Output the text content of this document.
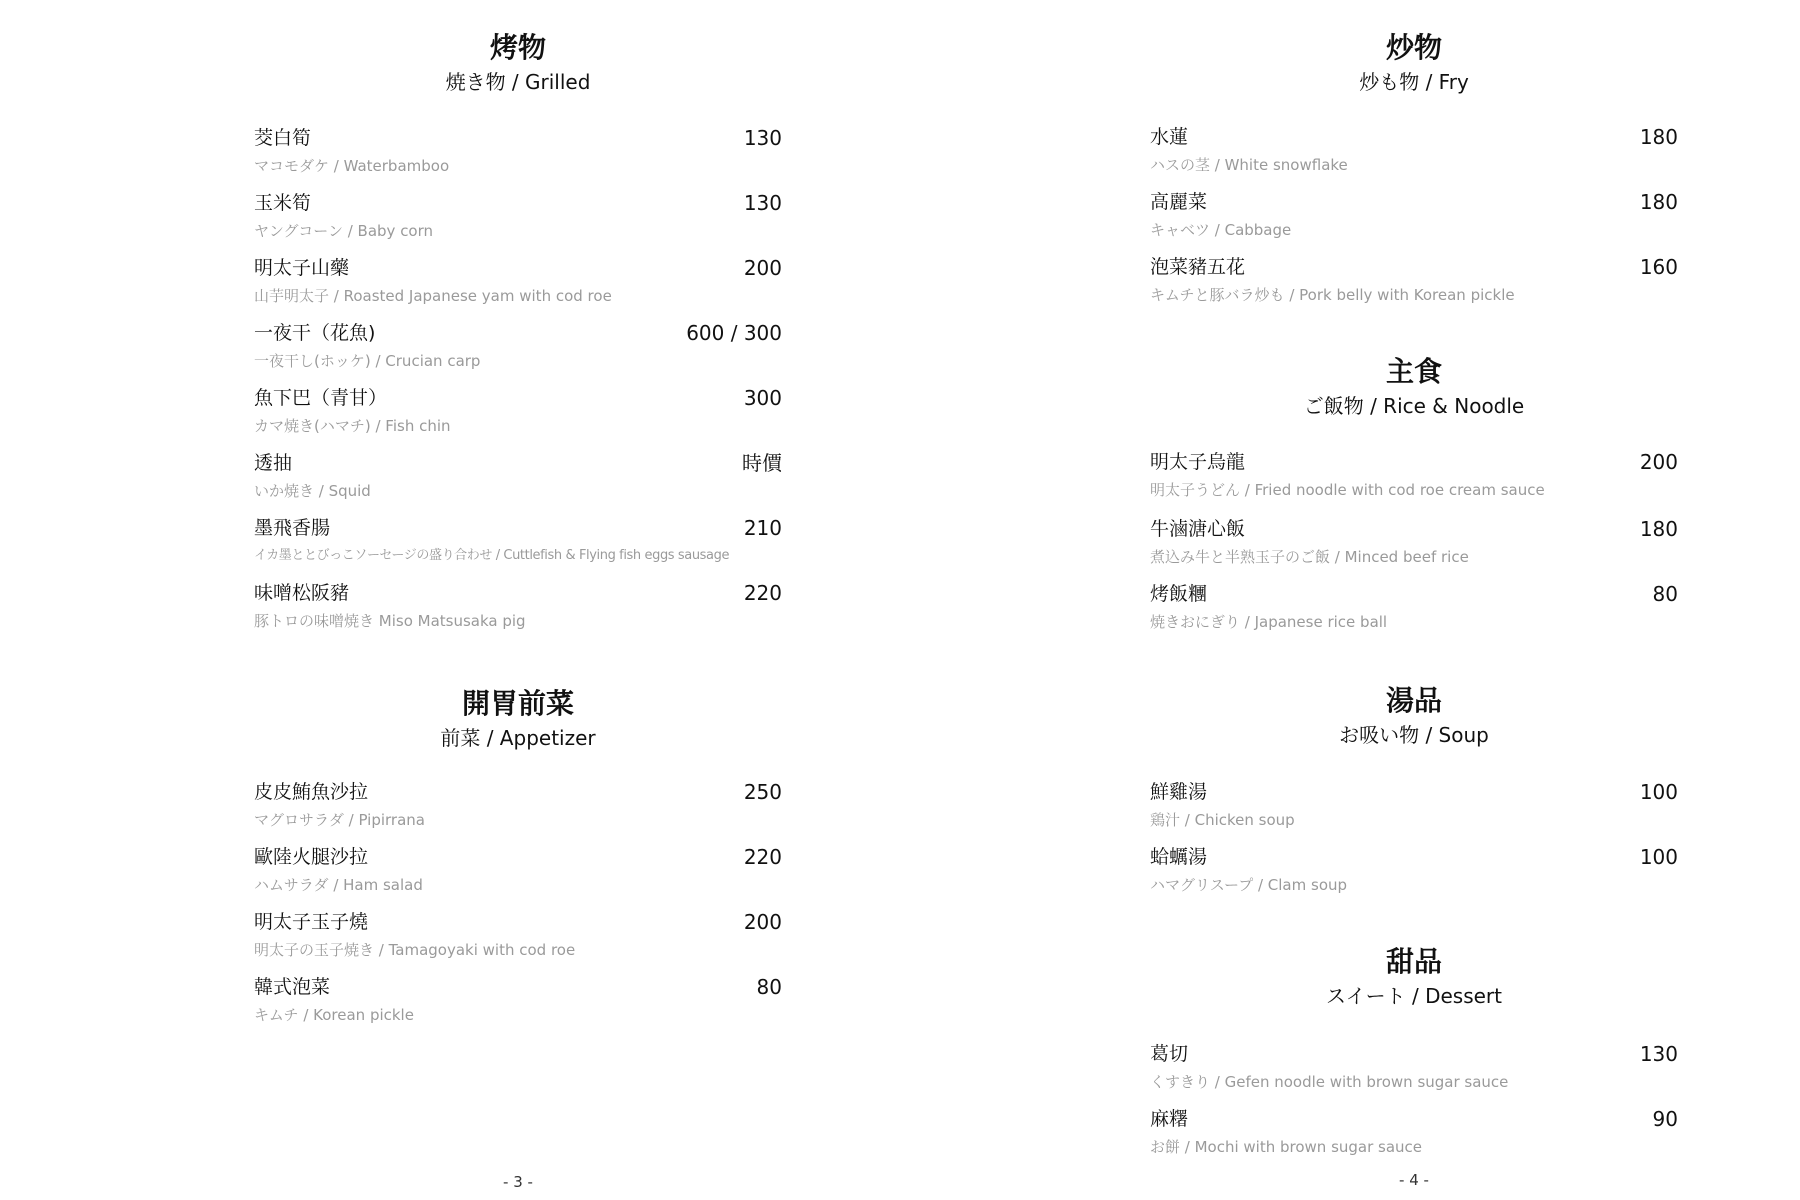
烤物
焼き物 / Grilled
茭白筍	130
マコモダケ / Waterbamboo
玉米筍	130
ヤングコーン / Baby corn
明太子山藥	200
山芋明太子 / Roasted Japanese yam with cod roe
一夜干（花魚)	600 / 300
一夜干し(ホッケ) / Crucian carp
魚下巴（青甘）	300
カマ焼き(ハマチ) / Fish chin
透抽	時價
いか焼き / Squid
墨飛香腸	210
イカ墨ととびっこソーセージの盛り合わせ / Cuttlefish & Flying fish eggs sausage
味噌松阪豬	220
豚トロの味噌焼き Miso Matsusaka pig
開胃前菜
前菜 / Appetizer
皮皮鮪魚沙拉	250
マグロサラダ / Pipirrana
歐陸火腿沙拉	220
ハムサラダ / Ham salad
明太子玉子燒	200
明太子の玉子焼き / Tamagoyaki with cod roe
韓式泡菜	80
キムチ / Korean pickle
- 3 -
炒物
炒も物 / Fry
水蓮	180
ハスの茎 / White snowflake
高麗菜	180
キャベツ / Cabbage
泡菜豬五花	160
キムチと豚バラ炒も / Pork belly with Korean pickle
主食
ご飯物 / Rice & Noodle
明太子烏龍	200
明太子うどん / Fried noodle with cod roe cream sauce
牛滷溏心飯	180
煮込み牛と半熟玉子のご飯 / Minced beef rice
烤飯糰	80
焼きおにぎり / Japanese rice ball
湯品
お吸い物 / Soup
鮮雞湯	100
鶏汁 / Chicken soup
蛤蠣湯	100
ハマグリスープ / Clam soup
甜品
スイート / Dessert
葛切	130
くすきり / Gefen noodle with brown sugar sauce
麻糬	90
お餅 / Mochi with brown sugar sauce
- 4 -
